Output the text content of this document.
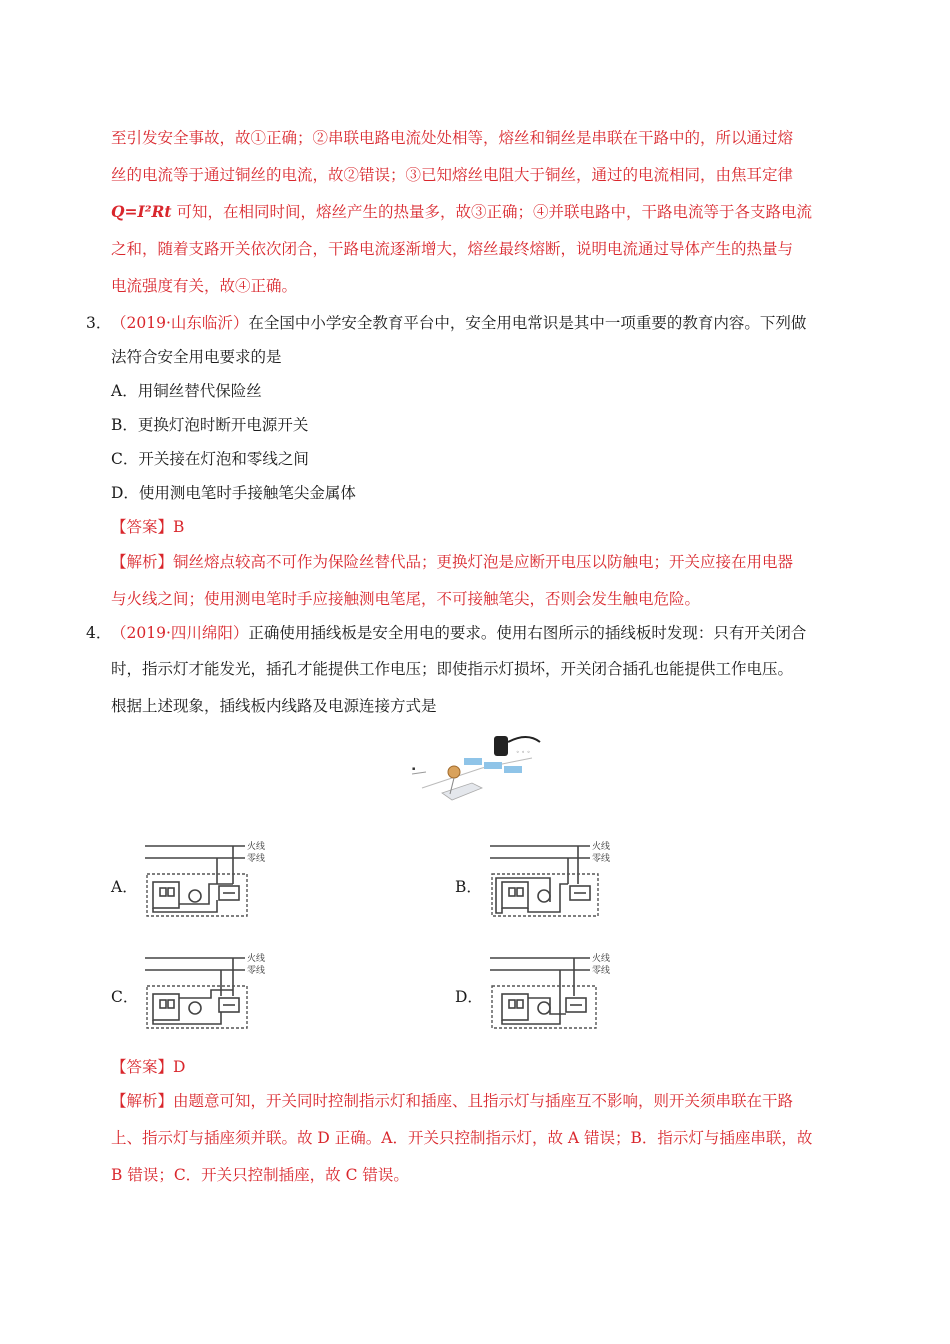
至引发安全事故，故①正确；②串联电路电流处处相等，熔丝和铜丝是串联在干路中的，所以通过熔
丝的电流等于通过铜丝的电流，故②错误；③已知熔丝电阻大于铜丝，通过的电流相同，由焦耳定律
Q=I²Rt 可知，在相同时间，熔丝产生的热量多，故③正确；④并联电路中，干路电流等于各支路电流
之和，随着支路开关依次闭合，干路电流逐渐增大，熔丝最终熔断，说明电流通过导体产生的热量与
电流强度有关，故④正确。
3． （2019·山东临沂）在全国中小学安全教育平台中，安全用电常识是其中一项重要的教育内容。下列做
法符合安全用电要求的是
A．用铜丝替代保险丝
B．更换灯泡时断开电源开关
C．开关接在灯泡和零线之间
D．使用测电笔时手接触笔尖金属体
【答案】B
【解析】铜丝熔点较高不可作为保险丝替代品；更换灯泡是应断开电压以防触电；开关应接在用电器
与火线之间；使用测电笔时手应接触测电笔尾，不可接触笔尖，否则会发生触电危险。
4． （2019·四川绵阳）正确使用插线板是安全用电的要求。使用右图所示的插线板时发现：只有开关闭合
时，指示灯才能发光，插孔才能提供工作电压；即使指示灯损坏，开关闭合插孔也能提供工作电压。
根据上述现象，插线板内线路及电源连接方式是
◦ ◦ ◦
▪
A．	B．
C．	D．
火线
零线
火线
零线
火线
零线
火线
零线
【答案】D
【解析】由题意可知，开关同时控制指示灯和插座、且指示灯与插座互不影响，则开关须串联在干路
上、指示灯与插座须并联。故 D 正确。A．开关只控制指示灯，故 A 错误；B．指示灯与插座串联，故
B 错误；C．开关只控制插座，故 C 错误。
